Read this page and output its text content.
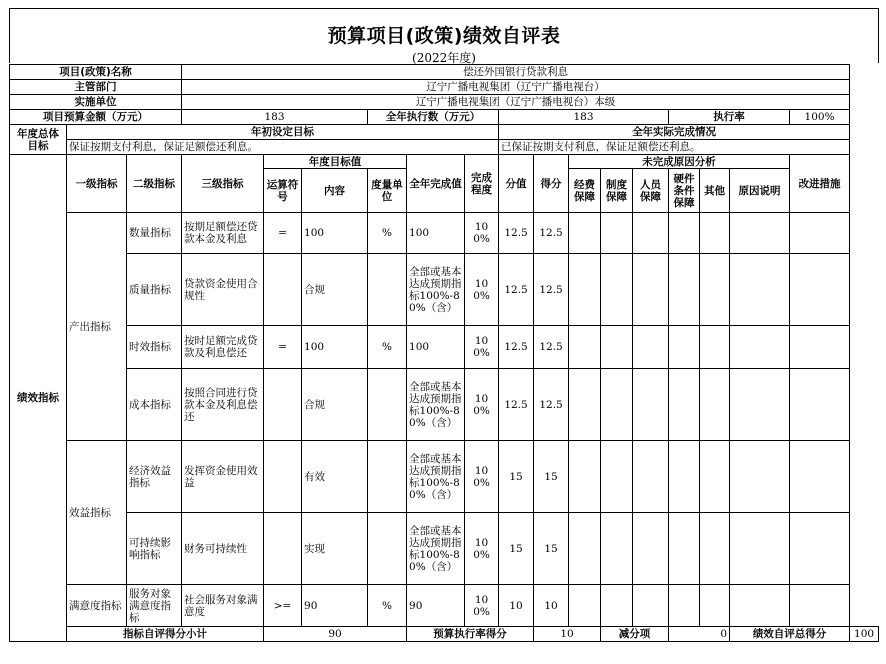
预算项目(政策)绩效自评表
(2022年度)
项目(政策)名称			偿还外国银行贷款利息															
主管部门			辽宁广播电视集团（辽宁广播电视台）															
实施单位			辽宁广播电视集团（辽宁广播电视台）本级															
项目预算金额（万元）			183			全年执行数（万元）			183					执行率			100%	
年度总体目标	年初设定目标								全年实际完成情况									
	保证按期支付利息，保证足额偿还利息。								已保证按期支付利息，保证足额偿还利息。									
绩效指标	一级指标	二级指标	三级指标	年度目标值			全年完成值	完成程度	分值	得分	未完成原因分析						改进措施	
				运算符号	内容	度量单位					经费保障	制度保障	人员保障	硬件条件保障	其他	原因说明		
	产出指标	数量指标	按期足额偿还贷款本金及利息	=	100	%	100	100%	12.5	12.5								
		质量指标	贷款资金使用合规性		合规		全部或基本达成预期指标100%-80%（含）	100%	12.5	12.5								
		时效指标	按时足额完成贷款及利息偿还	=	100	%	100	100%	12.5	12.5								
		成本指标	按照合同进行贷款本金及利息偿还		合规		全部或基本达成预期指标100%-80%（含）	100%	12.5	12.5								
	效益指标	经济效益指标	发挥资金使用效益		有效		全部或基本达成预期指标100%-80%（含）	100%	15	15								
		可持续影响指标	财务可持续性		实现		全部或基本达成预期指标100%-80%（含）	100%	15	15								
	满意度指标	服务对象满意度指标	社会服务对象满意度	>=	90	%	90	100%	10	10								
	指标自评得分小计			90			预算执行率得分			10		减分项		0		绩效自评总得分		100
